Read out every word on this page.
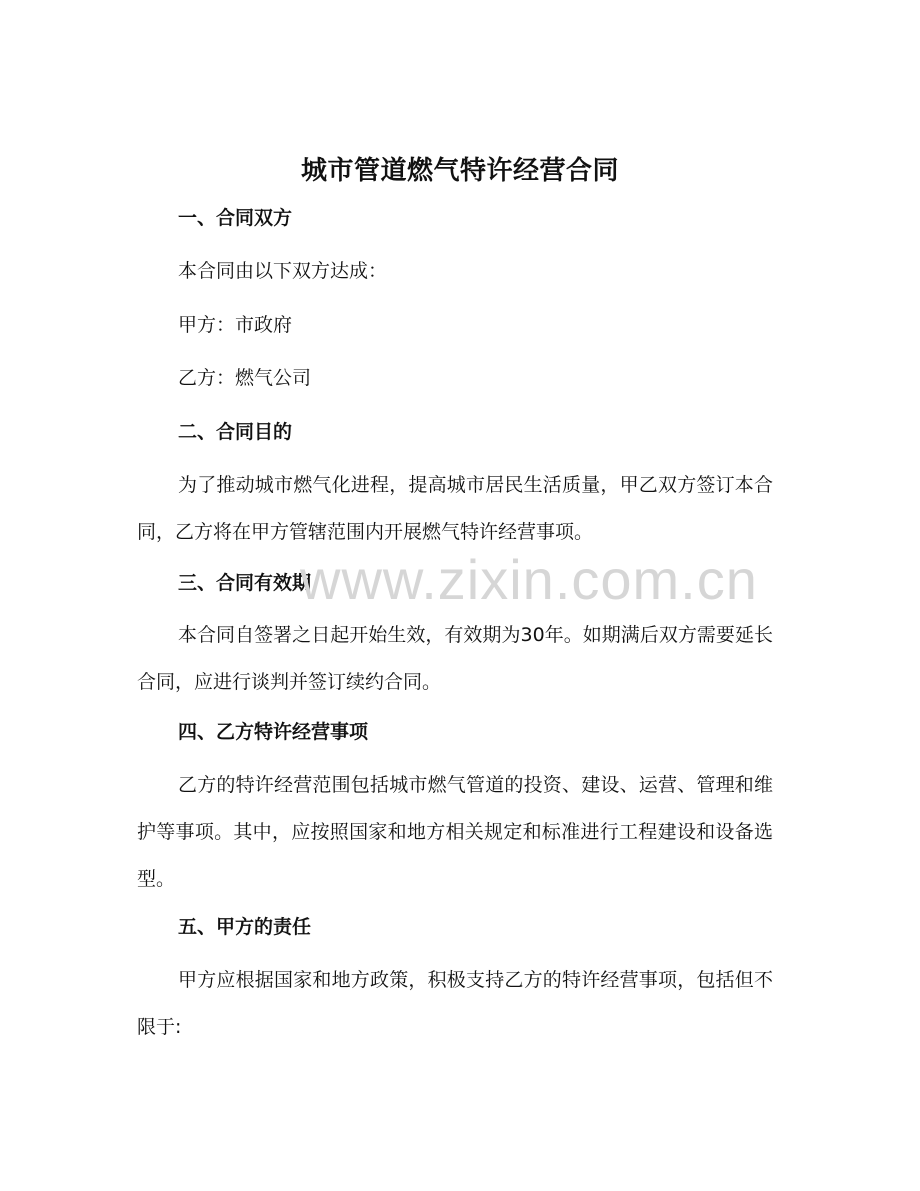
城市管道燃气特许经营合同
一、合同双方
本合同由以下双方达成：
甲方：市政府
乙方：燃气公司
二、合同目的
为了推动城市燃气化进程，提高城市居民生活质量，甲乙双方签订本合同，乙方将在甲方管辖范围内开展燃气特许经营事项。
三、合同有效期
本合同自签署之日起开始生效，有效期为30年。如期满后双方需要延长合同，应进行谈判并签订续约合同。
四、乙方特许经营事项
乙方的特许经营范围包括城市燃气管道的投资、建设、运营、管理和维护等事项。其中，应按照国家和地方相关规定和标准进行工程建设和设备选型。
五、甲方的责任
甲方应根据国家和地方政策，积极支持乙方的特许经营事项，包括但不限于:
www.zixin.com.cn
